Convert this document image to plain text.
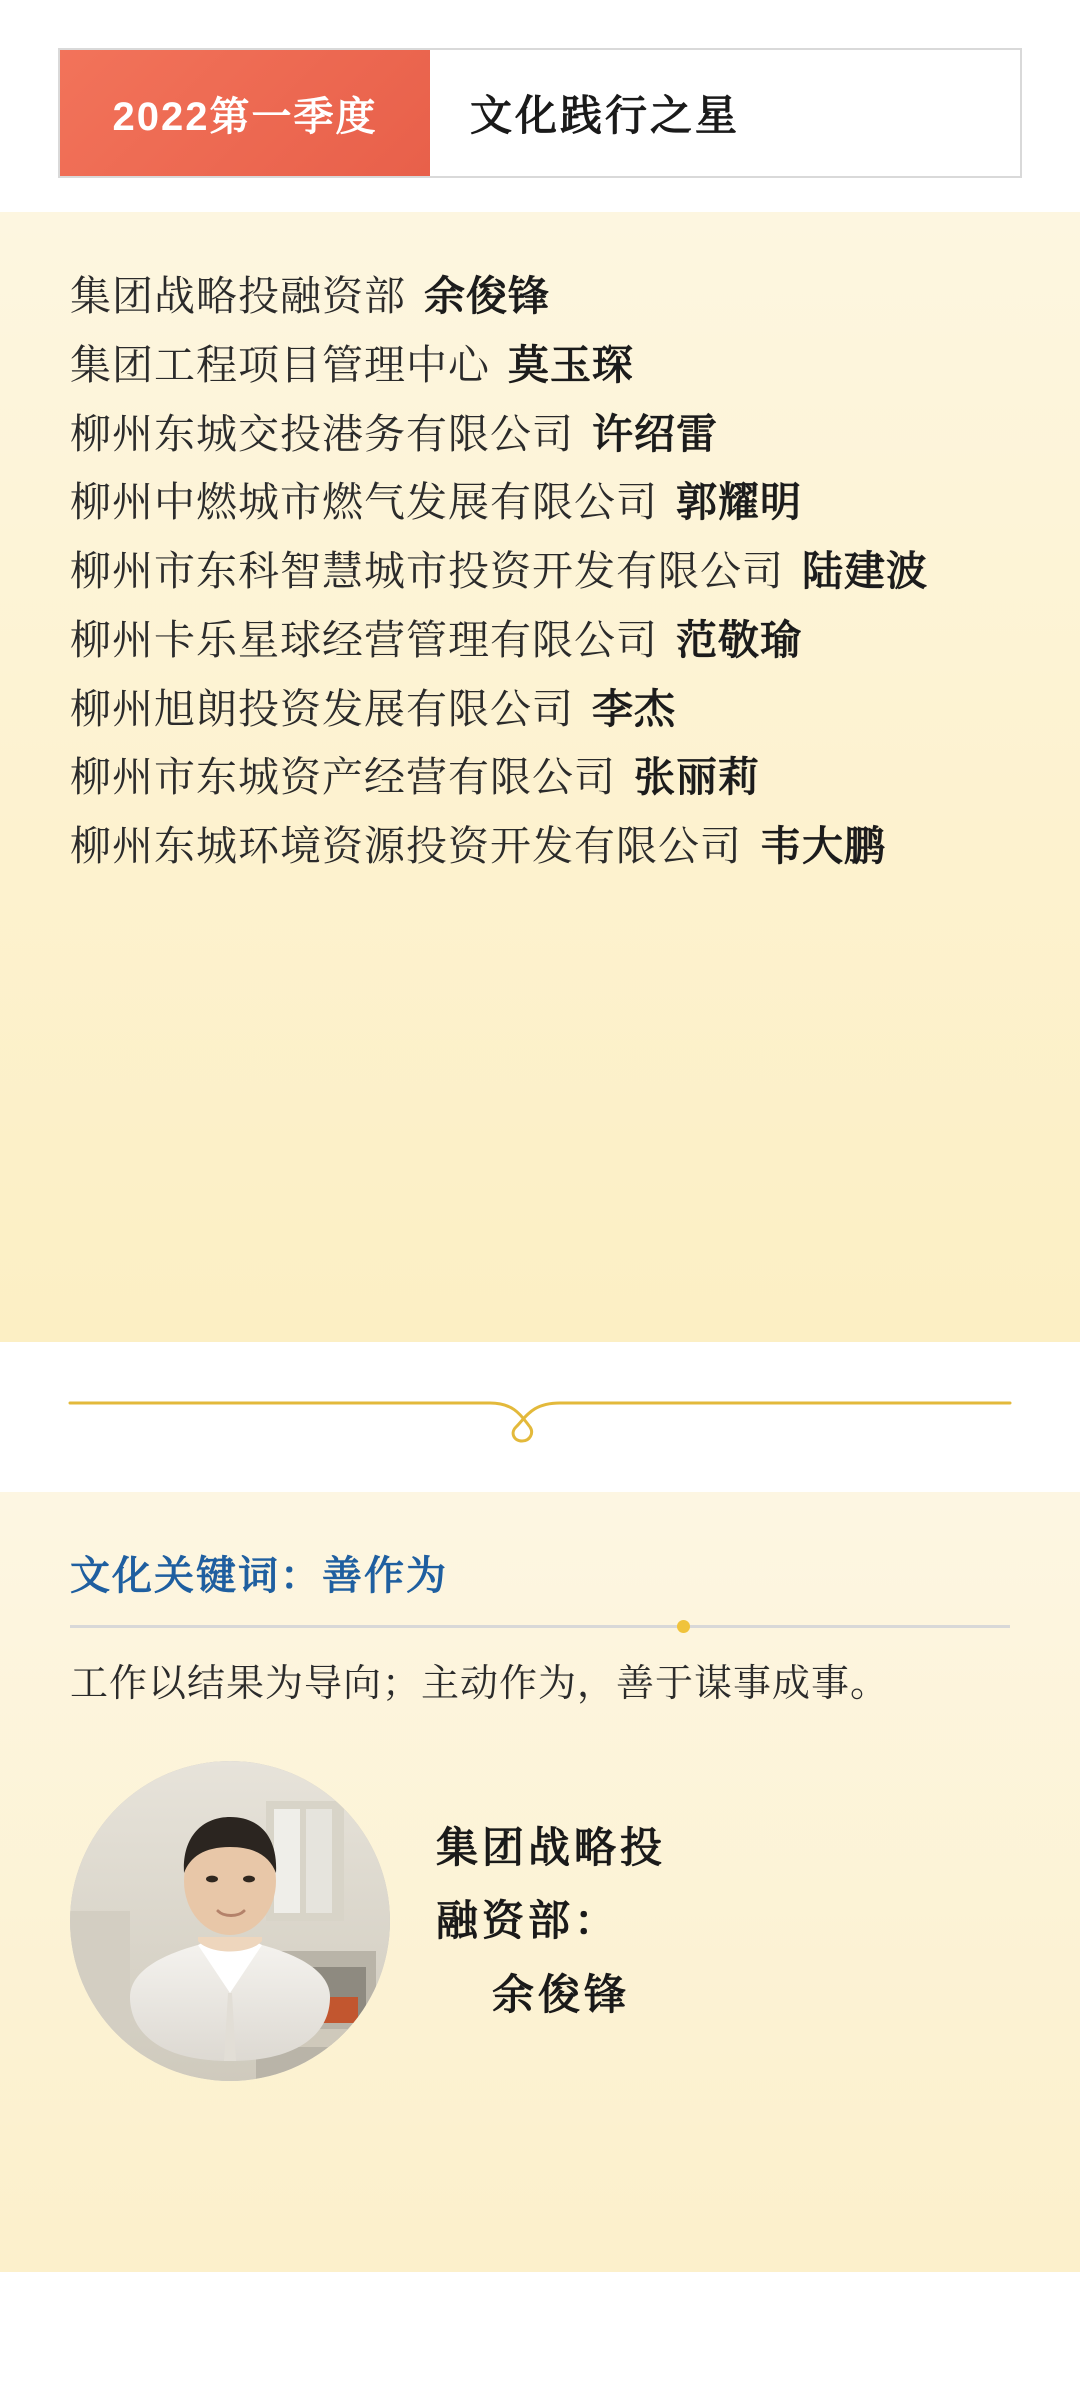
2022第一季度	文化践行之星

集团战略投融资部 余俊锋

集团工程项目管理中心 莫玉琛

柳州东城交投港务有限公司 许绍雷

柳州中燃城市燃气发展有限公司 郭耀明

柳州市东科智慧城市投资开发有限公司 陆建波

柳州卡乐星球经营管理有限公司 范敬瑜

柳州旭朗投资发展有限公司 李杰

柳州市东城资产经营有限公司 张丽莉

柳州东城环境资源投资开发有限公司 韦大鹏

文化关键词：善作为

工作以结果为导向；主动作为，善于谋事成事。

集团战略投
融资部：
余俊锋
